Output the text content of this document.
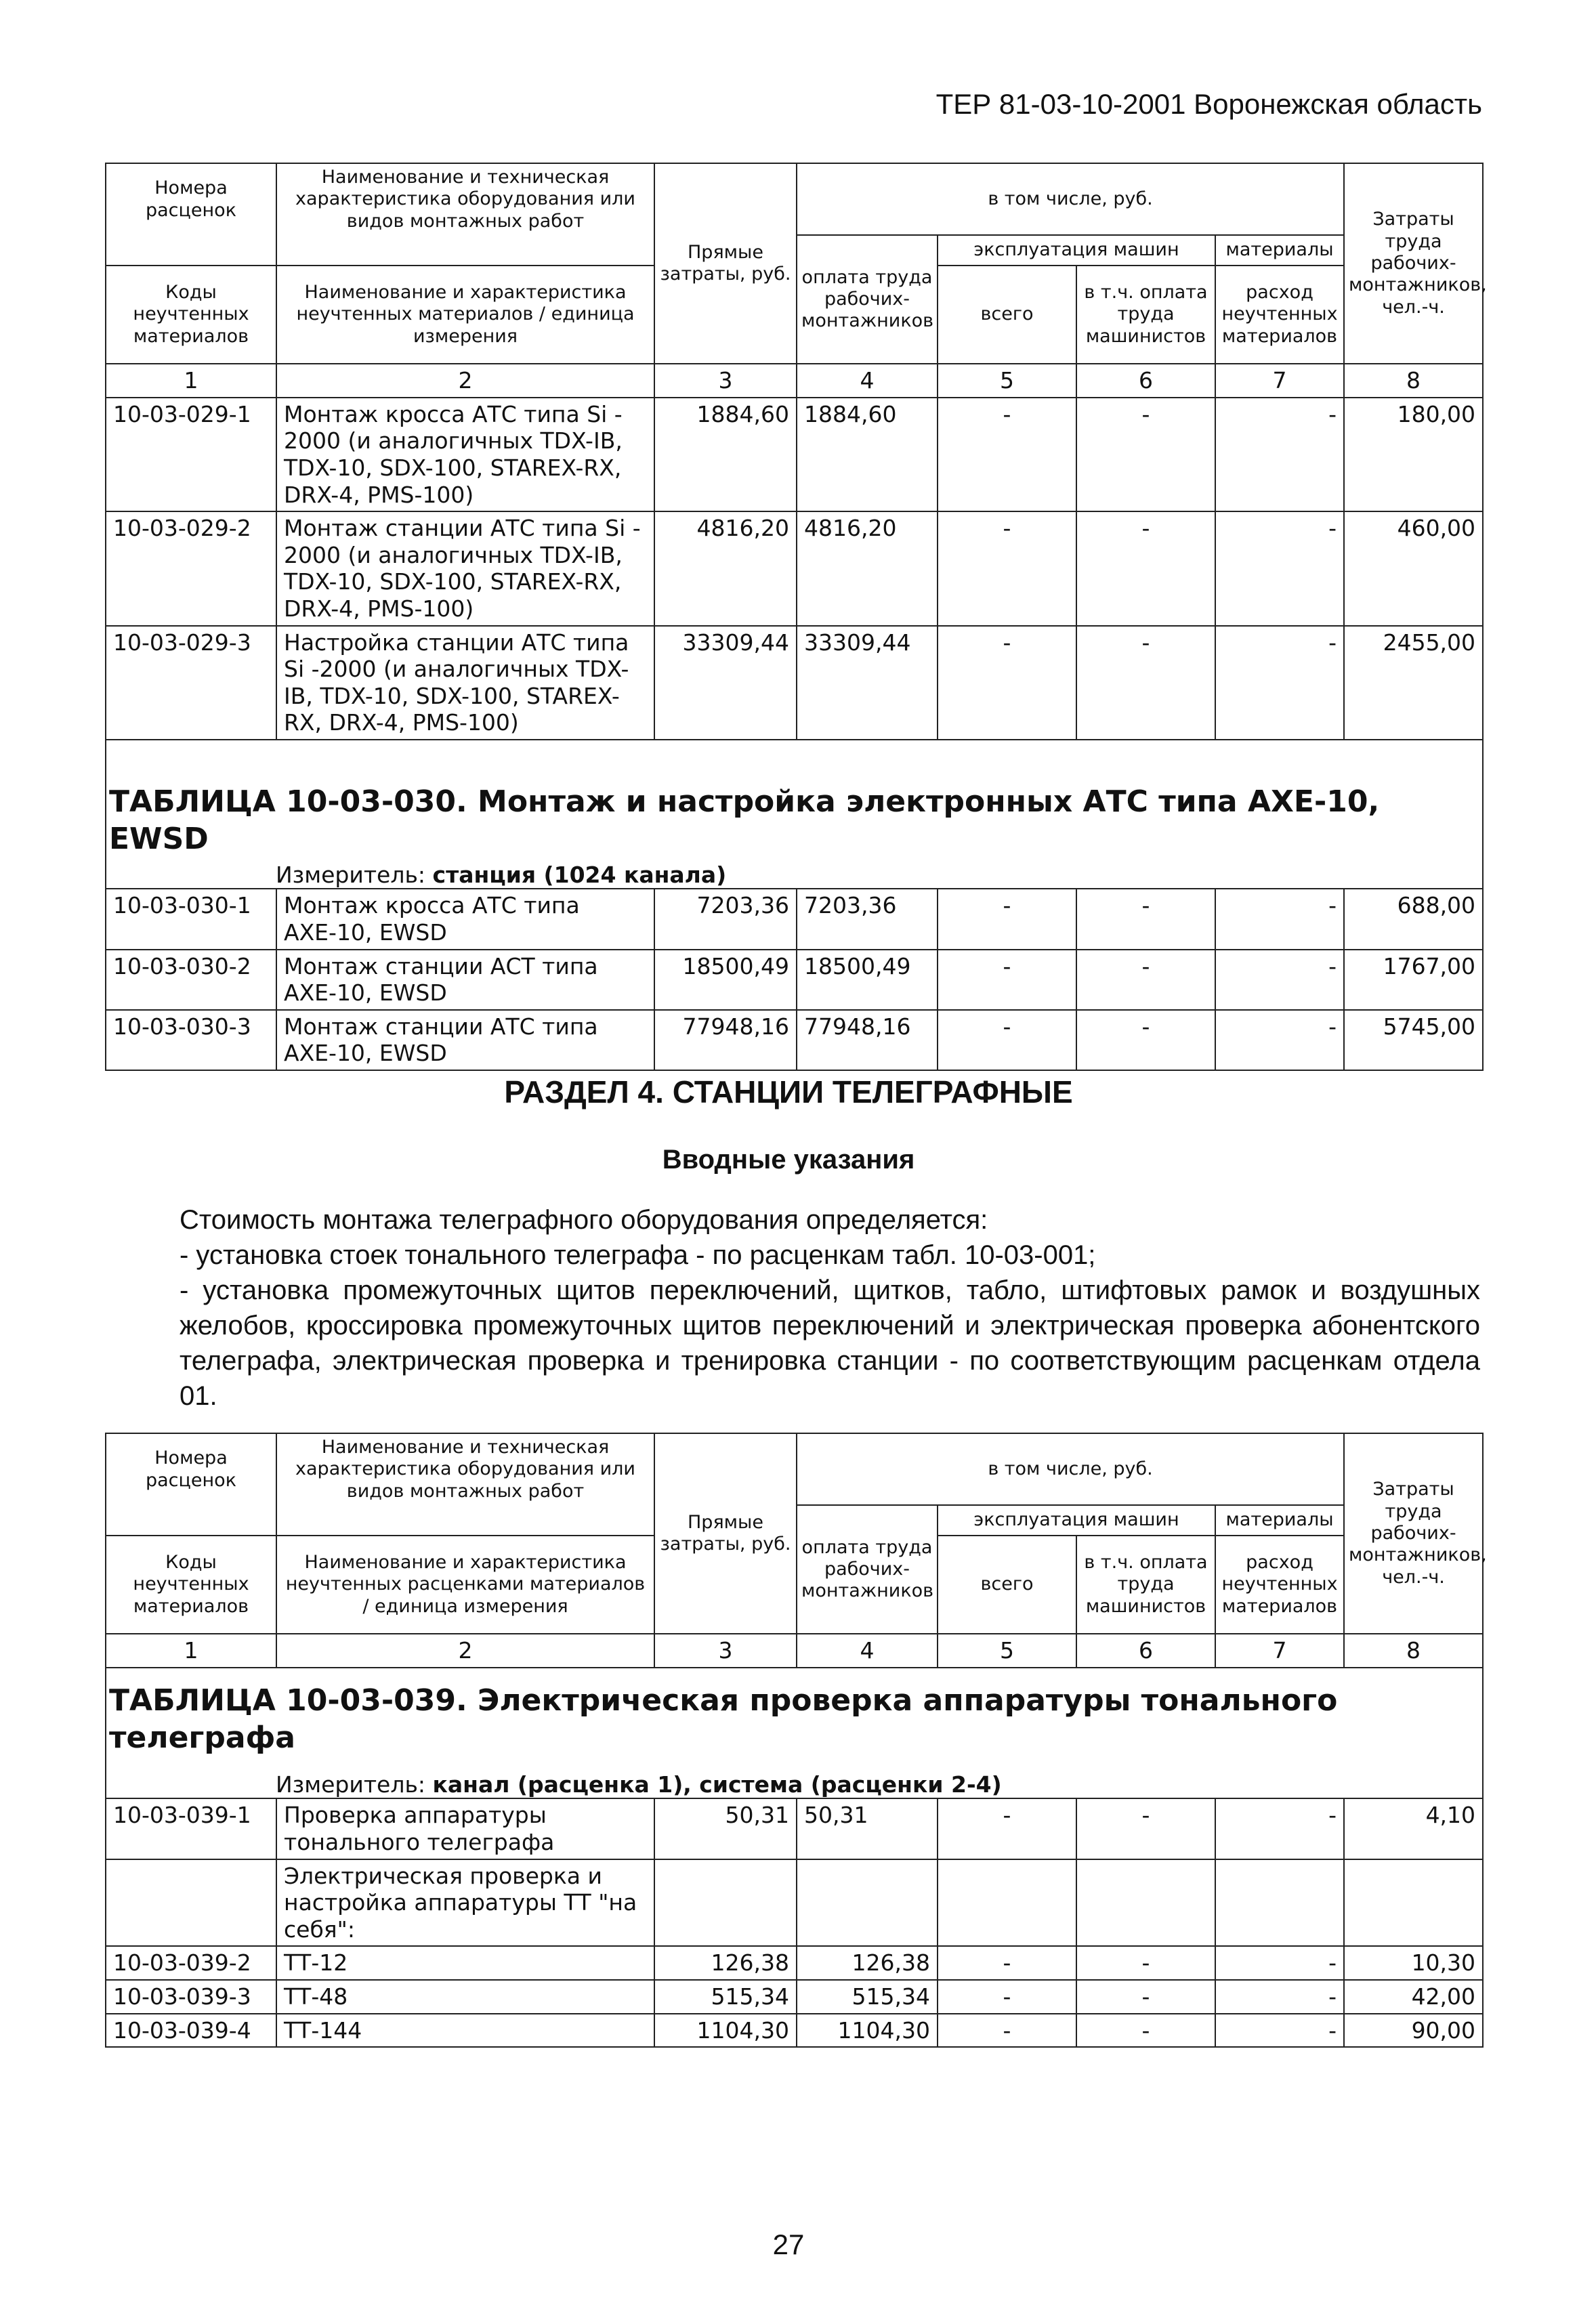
ТЕР 81-03-10-2001 Воронежская область
Номера расценок	Наименование и техническая характеристика оборудования или видов монтажных работ	Прямые затраты, руб.	в том числе, руб.				Затраты труда рабочих-монтажников, чел.-ч.
			оплата труда рабочих-монтажников	эксплуатация машин		материалы	
Коды неучтенных материалов	Наименование и характеристика неучтенных материалов / единица измерения			всего	в т.ч. оплата труда машинистов	расход неучтенных материалов	

1	2	3	4	5	6	7	8
10-03-029-1	Монтаж кросса АТС типа Si - 2000 (и аналогичных TDX-IB, TDX-10, SDX-100, STAREX-RX, DRX-4, PMS-100)	1884,60	1884,60	-	-	-	180,00
10-03-029-2	Монтаж станции АТС типа Si - 2000 (и аналогичных TDX-IB, TDX-10, SDX-100, STAREX-RX, DRX-4, PMS-100)	4816,20	4816,20	-	-	-	460,00
10-03-029-3	Настройка станции АТС типа Si -2000 (и аналогичных TDX-IB, TDX-10, SDX-100, STAREX-RX, DRX-4, PMS-100)	33309,44	33309,44	-	-	-	2455,00

ТАБЛИЦА 10-03-030. Монтаж и настройка электронных АТС типа АХЕ-10, EWSD
Измеритель: станция (1024 канала)							

10-03-030-1	Монтаж кросса АТС типа АХЕ-10, EWSD	7203,36	7203,36	-	-	-	688,00
10-03-030-2	Монтаж станции АСТ типа АХЕ-10, EWSD	18500,49	18500,49	-	-	-	1767,00
10-03-030-3	Монтаж станции АТС типа АХЕ-10, EWSD	77948,16	77948,16	-	-	-	5745,00
РАЗДЕЛ 4. СТАНЦИИ ТЕЛЕГРАФНЫЕ
Вводные указания

Стоимость монтажа телеграфного оборудования определяется:

- установка стоек тонального телеграфа - по расценкам табл. 10-03-001;

- установка промежуточных щитов переключений, щитков, табло, штифтовых рамок и воздушных желобов, кроссировка промежуточных щитов переключений и электрическая проверка абонентского телеграфа, электрическая проверка и тренировка станции - по соответствующим расценкам отдела 01.

Номера расценок	Наименование и техническая характеристика оборудования или видов монтажных работ	Прямые затраты, руб.	в том числе, руб.				Затраты труда рабочих-монтажников, чел.-ч.
			оплата труда рабочих-монтажников	эксплуатация машин		материалы	
Коды неучтенных материалов	Наименование и характеристика неучтенных расценками материалов / единица измерения			всего	в т.ч. оплата труда машинистов	расход неучтенных материалов	

1	2	3	4	5	6	7	8

ТАБЛИЦА 10-03-039. Электрическая проверка аппаратуры тонального телеграфа
Измеритель: канал (расценка 1), система (расценки 2-4)							

10-03-039-1	Проверка аппаратуры тонального телеграфа	50,31	50,31	-	-	-	4,10
	Электрическая проверка и настройка аппаратуры ТТ "на себя":						
10-03-039-2	ТТ-12	126,38	126,38	-	-	-	10,30
10-03-039-3	ТТ-48	515,34	515,34	-	-	-	42,00
10-03-039-4	ТТ-144	1104,30	1104,30	-	-	-	90,00
27
